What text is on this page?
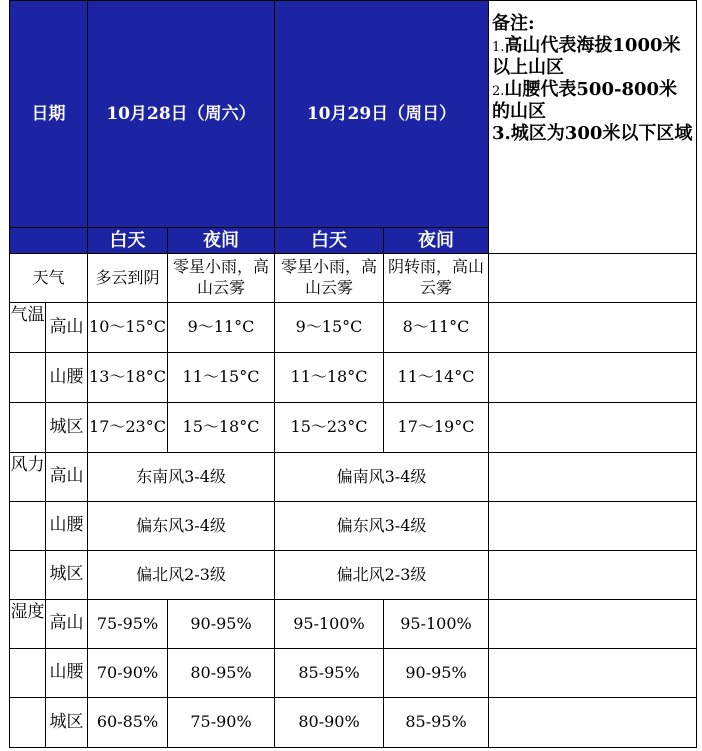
日期		10月28日（周六）		10月29日（周日）		备注:
1.高山代表海拔1000米以上山区
2.山腰代表500-800米的山区
3.城区为300米以下区域

		白天	夜间	白天	夜间	
天气		多云到阴	零星小雨，高山云雾	零星小雨，高山云雾	阴转雨，高山云雾	
气温	高山	10～15°C	9～11°C	9～15°C	8～11°C	
	山腰	13～18°C	11～15°C	11～18°C	11～14°C	
	城区	17～23°C	15～18°C	15～23°C	17～19°C	
风力	高山	东南风3-4级		偏南风3-4级		
	山腰	偏东风3-4级		偏东风3-4级		
	城区	偏北风2-3级		偏北风2-3级		
湿度	高山	75-95%	90-95%	95-100%	95-100%	
	山腰	70-90%	80-95%	85-95%	90-95%	
	城区	60-85%	75-90%	80-90%	85-95%	
